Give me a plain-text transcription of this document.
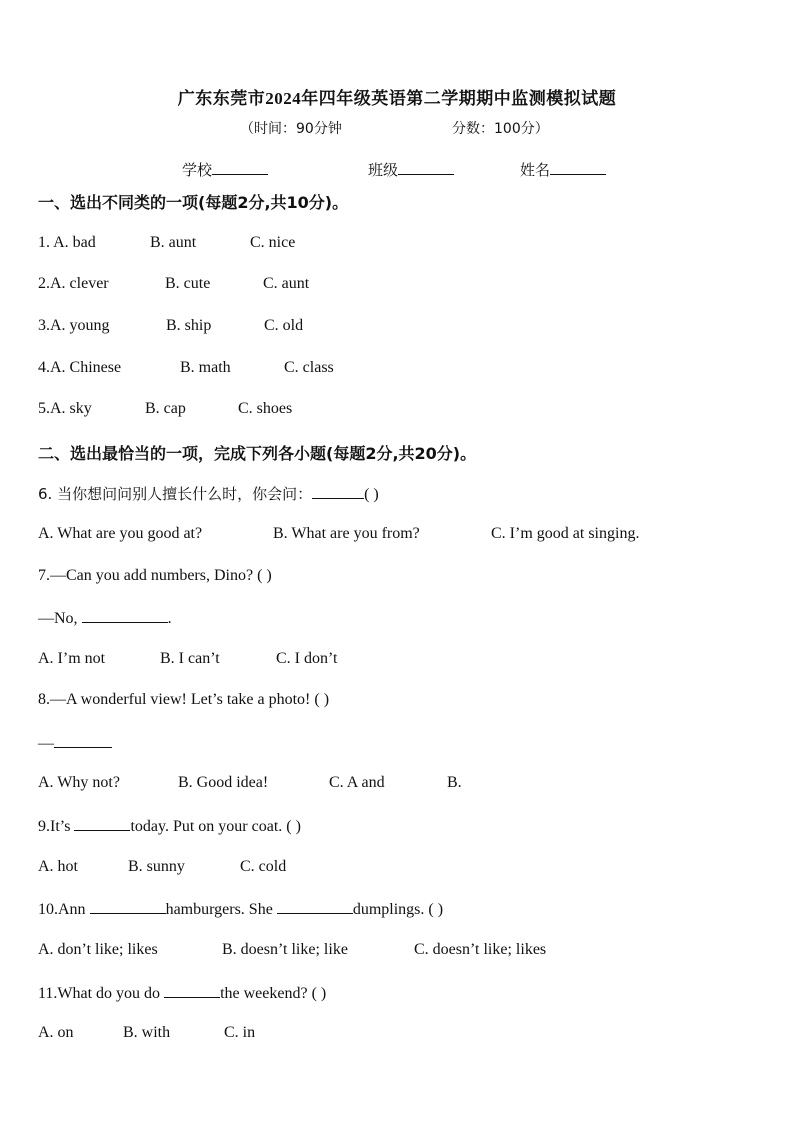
广东东莞市2024年四年级英语第二学期期中监测模拟试题
（时间：90分钟	分数：100分）
学校	班级	姓名
一、选出不同类的一项(每题2分,共10分)。
1. A. bad	B. aunt	C. nice
2.A. clever	B. cute	C. aunt
3.A. young	B. ship	C. old
4.A. Chinese	B. math	C. class
5.A. sky	B. cap	C. shoes
二、选出最恰当的一项，完成下列各小题(每题2分,共20分)。
6. 当你想问问别人擅长什么时，你会问：	( )
A. What are you good at?	B. What are you from?	C. I’m good at singing.
7.—Can you add numbers, Dino? ( )
—No,	.
A. I’m not	B. I can’t	C. I don’t
8.—A wonderful view! Let’s take a photo! ( )
—
A. Why not?	B. Good idea!	C. A and	B.
9.It’s	today. Put on your coat. ( )
A. hot	B. sunny	C. cold
10.Ann	hamburgers. She	dumplings. ( )
A. don’t like; likes	B. doesn’t like; like	C. doesn’t like; likes
11.What do you do	the weekend? ( )
A. on	B. with	C. in
